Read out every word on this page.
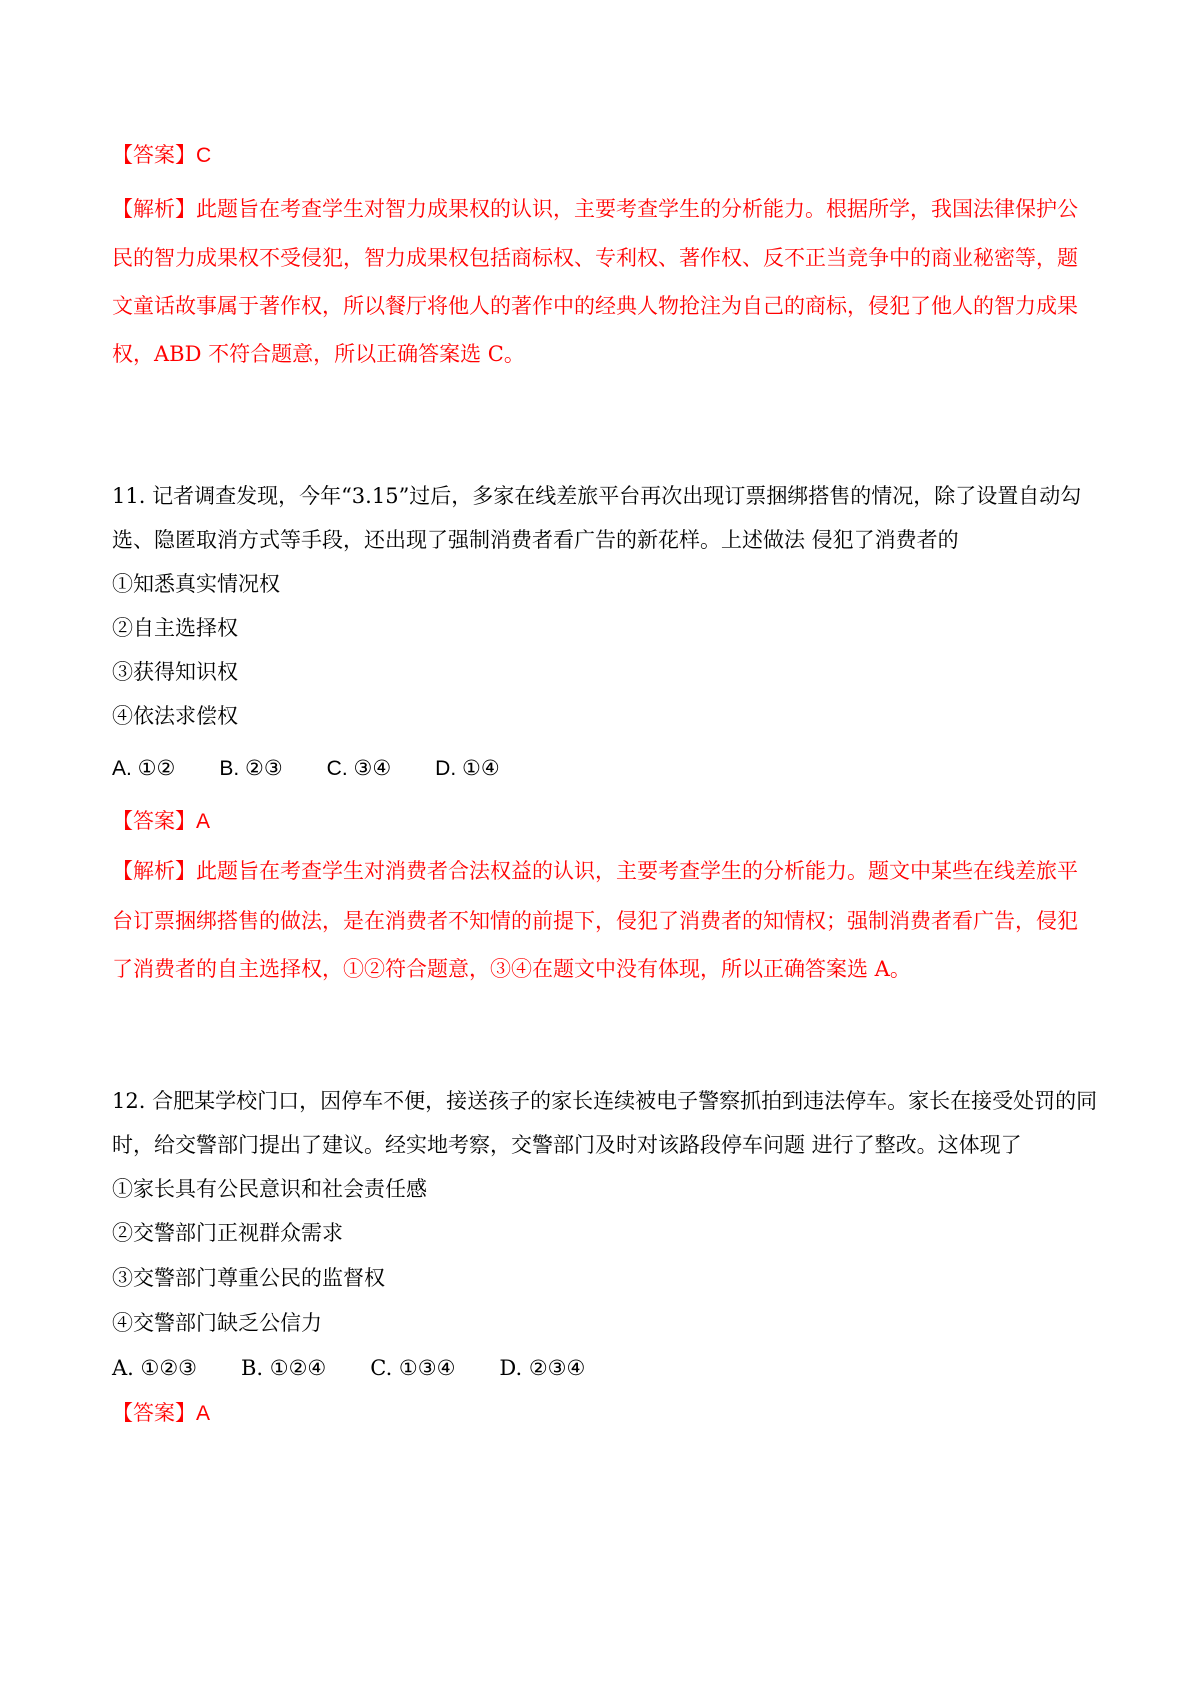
【答案】C
【解析】此题旨在考查学生对智力成果权的认识，主要考查学生的分析能力。根据所学，我国法律保护公
民的智力成果权不受侵犯，智力成果权包括商标权、专利权、著作权、反不正当竞争中的商业秘密等，题
文童话故事属于著作权，所以餐厅将他人的著作中的经典人物抢注为自己的商标，侵犯了他人的智力成果
权，ABD 不符合题意，所以正确答案选 C。
11. 记者调查发现，今年“3.15”过后，多家在线差旅平台再次出现订票捆绑搭售的情况，除了设置自动勾
选、隐匿取消方式等手段，还出现了强制消费者看广告的新花样。上述做法 侵犯了消费者的
①知悉真实情况权
②自主选择权
③获得知识权
④依法求偿权
A. ①② B. ②③ C. ③④ D. ①④
【答案】A
【解析】此题旨在考查学生对消费者合法权益的认识，主要考查学生的分析能力。题文中某些在线差旅平
台订票捆绑搭售的做法，是在消费者不知情的前提下，侵犯了消费者的知情权；强制消费者看广告，侵犯
了消费者的自主选择权，①②符合题意，③④在题文中没有体现，所以正确答案选 A。
12. 合肥某学校门口，因停车不便，接送孩子的家长连续被电子警察抓拍到违法停车。家长在接受处罚的同
时，给交警部门提出了建议。经实地考察，交警部门及时对该路段停车问题 进行了整改。这体现了
①家长具有公民意识和社会责任感
②交警部门正视群众需求
③交警部门尊重公民的监督权
④交警部门缺乏公信力
A. ①②③ B. ①②④ C. ①③④ D. ②③④
【答案】A
